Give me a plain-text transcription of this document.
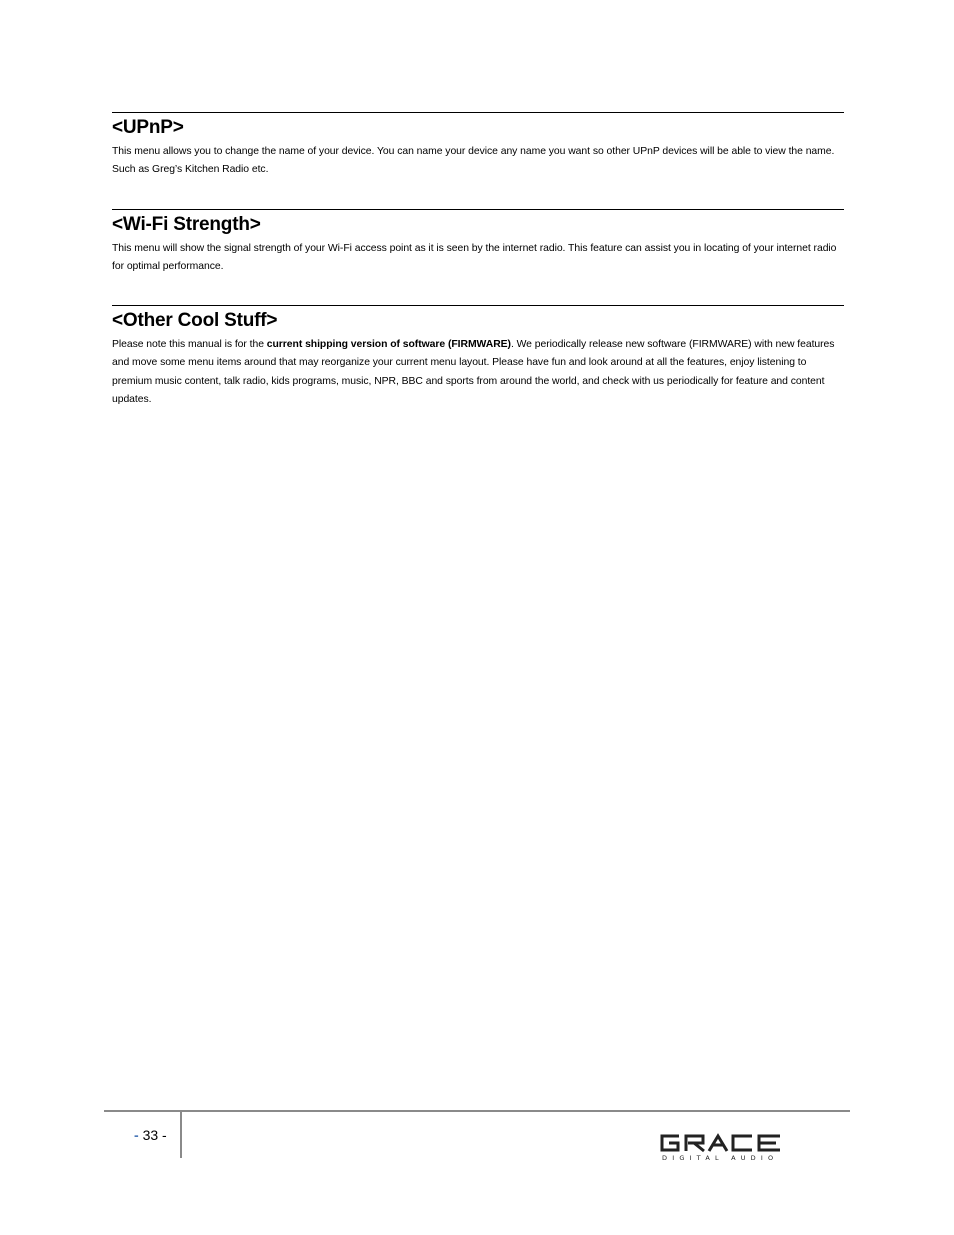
<UPnP>

This menu allows you to change the name of your device. You can name your device any name you want so other UPnP devices will be able to view the name. Such as Greg’s Kitchen Radio etc.

<Wi-Fi Strength>

This menu will show the signal strength of your Wi-Fi access point as it is seen by the internet radio. This feature can assist you in locating of your internet radio for optimal performance.

<Other Cool Stuff>

Please note this manual is for the current shipping version of software (FIRMWARE). We periodically release new software (FIRMWARE) with new features and move some menu items around that may reorganize your current menu layout. Please have fun and look around at all the features, enjoy listening to premium music content, talk radio, kids programs, music, NPR, BBC and sports from around the world, and check with us periodically for feature and content updates.

- 33 -
DIGITAL AUDIO
